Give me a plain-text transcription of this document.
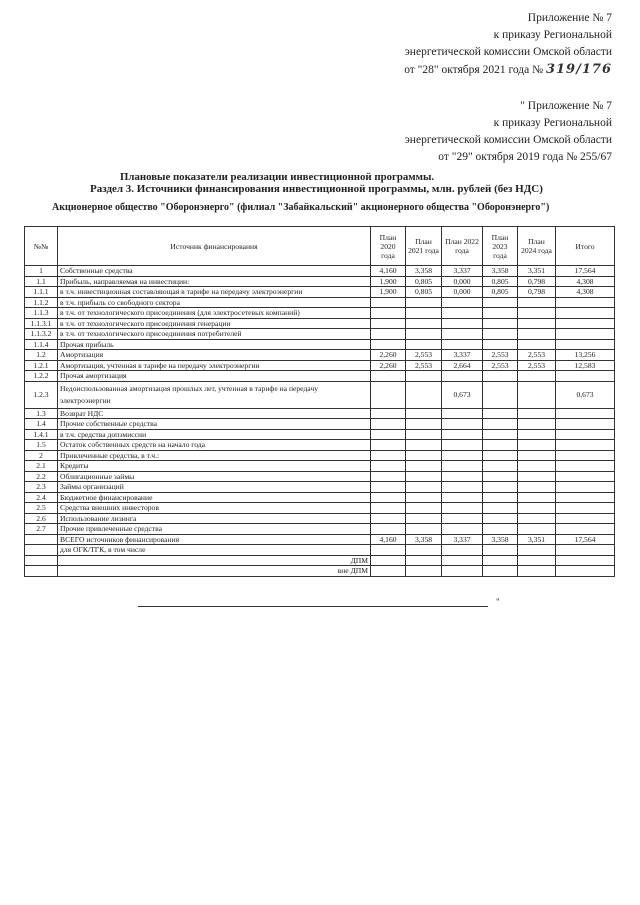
Приложение № 7
к приказу Региональной
энергетической комиссии Омской области
от "28" октября 2021 года № 319/176
" Приложение № 7
к приказу Региональной
энергетической комиссии Омской области
от "29" октября 2019 года № 255/67
Плановые показатели реализации инвестиционной программы.
Раздел 3. Источники финансирования инвестиционной программы, млн. рублей (без НДС)
Акционерное общество "Оборонэнерго" (филиал "Забайкальский" акционерного общества "Оборонэнерго")
№№	Источник финансирования	План 2020 года	План 2021 года	План 2022 года	План 2023 года	План 2024 года	Итого
1	Собственные средства	4,160	3,358	3,337	3,358	3,351	17,564
1.1	Прибыль, направляемая на инвестиции:	1,900	0,805	0,000	0,805	0,798	4,308
1.1.1	в т.ч. инвестиционная составляющая в тарифе на передачу электроэнергии	1,900	0,805	0,000	0,805	0,798	4,308
1.1.2	в т.ч. прибыль со свободного сектора						
1.1.3	в т.ч. от технологического присоединения (для электросетевых компаний)						
1.1.3.1	в т.ч. от технологического присоединения генерации						
1.1.3.2	в т.ч. от технологического присоединения потребителей						
1.1.4	Прочая прибыль						
1.2	Амортизация	2,260	2,553	3,337	2,553	2,553	13,256
1.2.1	Амортизация, учтенная в тарифе на передачу электроэнергии	2,260	2,553	2,664	2,553	2,553	12,583
1.2.2	Прочая амортизация						
1.2.3	Недоиспользованная амортизация прошлых лет, учтенная в тарифе на передачу электроэнергии			0,673			0,673
1.3	Возврат НДС						
1.4	Прочие собственные средства						
1.4.1	в т.ч. средства допэмиссии						
1.5	Остаток собственных средств на начало года						
2	Привлеченные средства, в т.ч.:						
2.1	Кредиты						
2.2	Облигационные займы						
2.3	Займы организаций						
2.4	Бюджетное финансирование						
2.5	Средства внешних инвесторов						
2.6	Использование лизинга						
2.7	Прочие привлеченные средства						
	ВСЕГО источников финансирования	4,160	3,358	3,337	3,358	3,351	17,564
	для ОГК/ТГК, в том числе						
	ДПМ						
	вне ДПМ						
"
